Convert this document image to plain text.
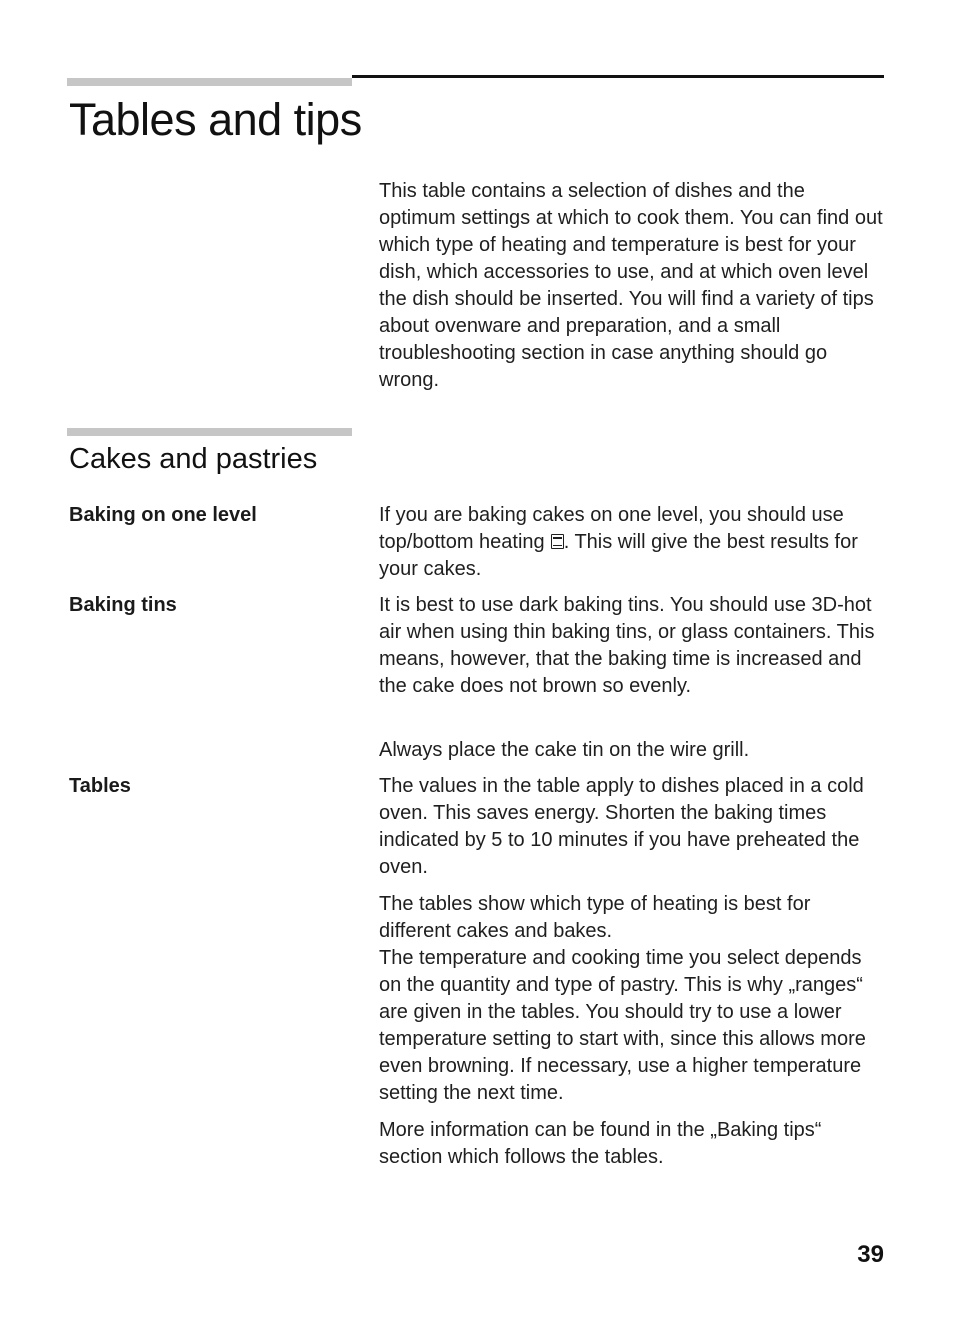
Tables and tips

This table contains a selection of dishes and the optimum settings at which to cook them. You can find out which type of heating and temperature is best for your dish, which accessories to use, and at which oven level the dish should be inserted. You will find a variety of tips about ovenware and preparation, and a small troubleshooting section in case anything should go wrong.

Cakes and pastries
Baking on one level	If you are baking cakes on one level, you should use top/bottom heating . This will give the best results for your cakes.

Baking tins	It is best to use dark baking tins. You should use 3D-hot air when using thin baking tins, or glass containers. This means, however, that the baking time is increased and the cake does not brown so evenly.

Always place the cake tin on the wire grill.

Tables	The values in the table apply to dishes placed in a cold oven. This saves energy. Shorten the baking times indicated by 5 to 10 minutes if you have preheated the oven.

The tables show which type of heating is best for different cakes and bakes.

The temperature and cooking time you select depends on the quantity and type of pastry. This is why „ranges“ are given in the tables. You should try to use a lower temperature setting to start with, since this allows more even browning. If necessary, use a higher temperature setting the next time.

More information can be found in the „Baking tips“ section which follows the tables.

39
